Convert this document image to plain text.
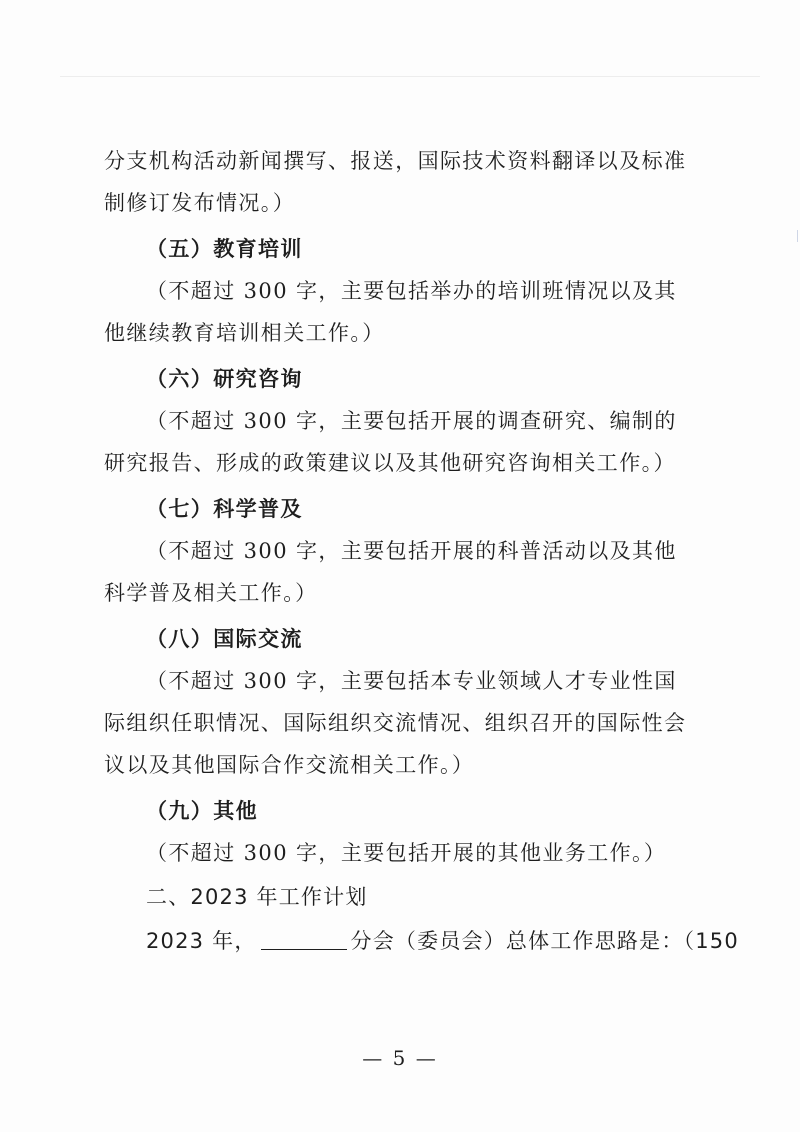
分支机构活动新闻撰写、报送，国际技术资料翻译以及标准制修订发布情况。）

（五）教育培训

（不超过 300 字，主要包括举办的培训班情况以及其他继续教育培训相关工作。）

（六）研究咨询

（不超过 300 字，主要包括开展的调查研究、编制的研究报告、形成的政策建议以及其他研究咨询相关工作。）

（七）科学普及

（不超过 300 字，主要包括开展的科普活动以及其他科学普及相关工作。）

（八）国际交流

（不超过 300 字，主要包括本专业领域人才专业性国际组织任职情况、国际组织交流情况、组织召开的国际性会议以及其他国际合作交流相关工作。）

（九）其他

（不超过 300 字，主要包括开展的其他业务工作。）

二、2023 年工作计划
2023 年，	分会（委员会）总体工作思路是：（150
— 5 —
